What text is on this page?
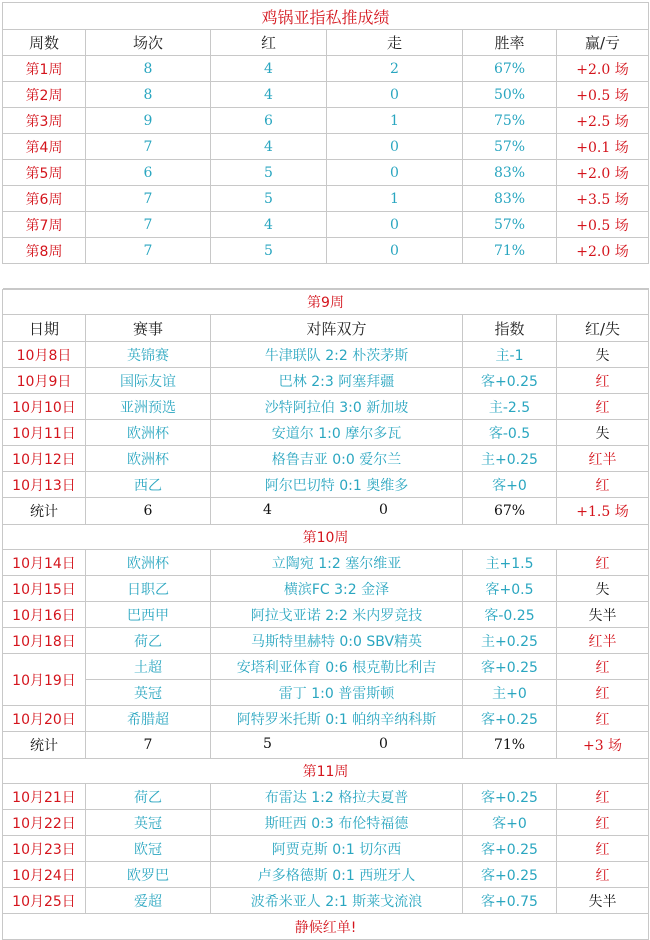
鸡锅亚指私推成绩					
周数	场次	红	走	胜率	赢/亏
第1周	8	4	2	67%	+2.0 场
第2周	8	4	0	50%	+0.5 场
第3周	9	6	1	75%	+2.5 场
第4周	7	4	0	57%	+0.1 场
第5周	6	5	0	83%	+2.0 场
第6周	7	5	1	83%	+3.5 场
第7周	7	4	0	57%	+0.5 场
第8周	7	5	0	71%	+2.0 场

第9周				
日期	赛事	对阵双方	指数	红/失
10月8日	英锦赛	牛津联队 2:2 朴茨茅斯	主-1	失
10月9日	国际友谊	巴林 2:3 阿塞拜疆	客+0.25	红
10月10日	亚洲预选	沙特阿拉伯 3:0 新加坡	主-2.5	红
10月11日	欧洲杯	安道尔 1:0 摩尔多瓦	客-0.5	失
10月12日	欧洲杯	格鲁吉亚 0:0 爱尔兰	主+0.25	红半
10月13日	西乙	阿尔巴切特 0:1 奥维多	客+0	红
统计	6	4 0	67%	+1.5 场
第10周				
10月14日	欧洲杯	立陶宛 1:2 塞尔维亚	主+1.5	红
10月15日	日职乙	横滨FC 3:2 金泽	客+0.5	失
10月16日	巴西甲	阿拉戈亚诺 2:2 米内罗竞技	客-0.25	失半
10月18日	荷乙	马斯特里赫特 0:0 SBV精英	主+0.25	红半
10月19日	土超	安塔利亚体育 0:6 根克勒比利吉	客+0.25	红
	英冠	雷丁 1:0 普雷斯顿	主+0	红
10月20日	希腊超	阿特罗米托斯 0:1 帕纳辛纳科斯	客+0.25	红
统计	7	5 0	71%	+3 场
第11周				
10月21日	荷乙	布雷达 1:2 格拉夫夏普	客+0.25	红
10月22日	英冠	斯旺西 0:3 布伦特福德	客+0	红
10月23日	欧冠	阿贾克斯 0:1 切尔西	客+0.25	红
10月24日	欧罗巴	卢多格德斯 0:1 西班牙人	客+0.25	红
10月25日	爱超	波希米亚人 2:1 斯莱戈流浪	客+0.75	失半
静候红单!				
